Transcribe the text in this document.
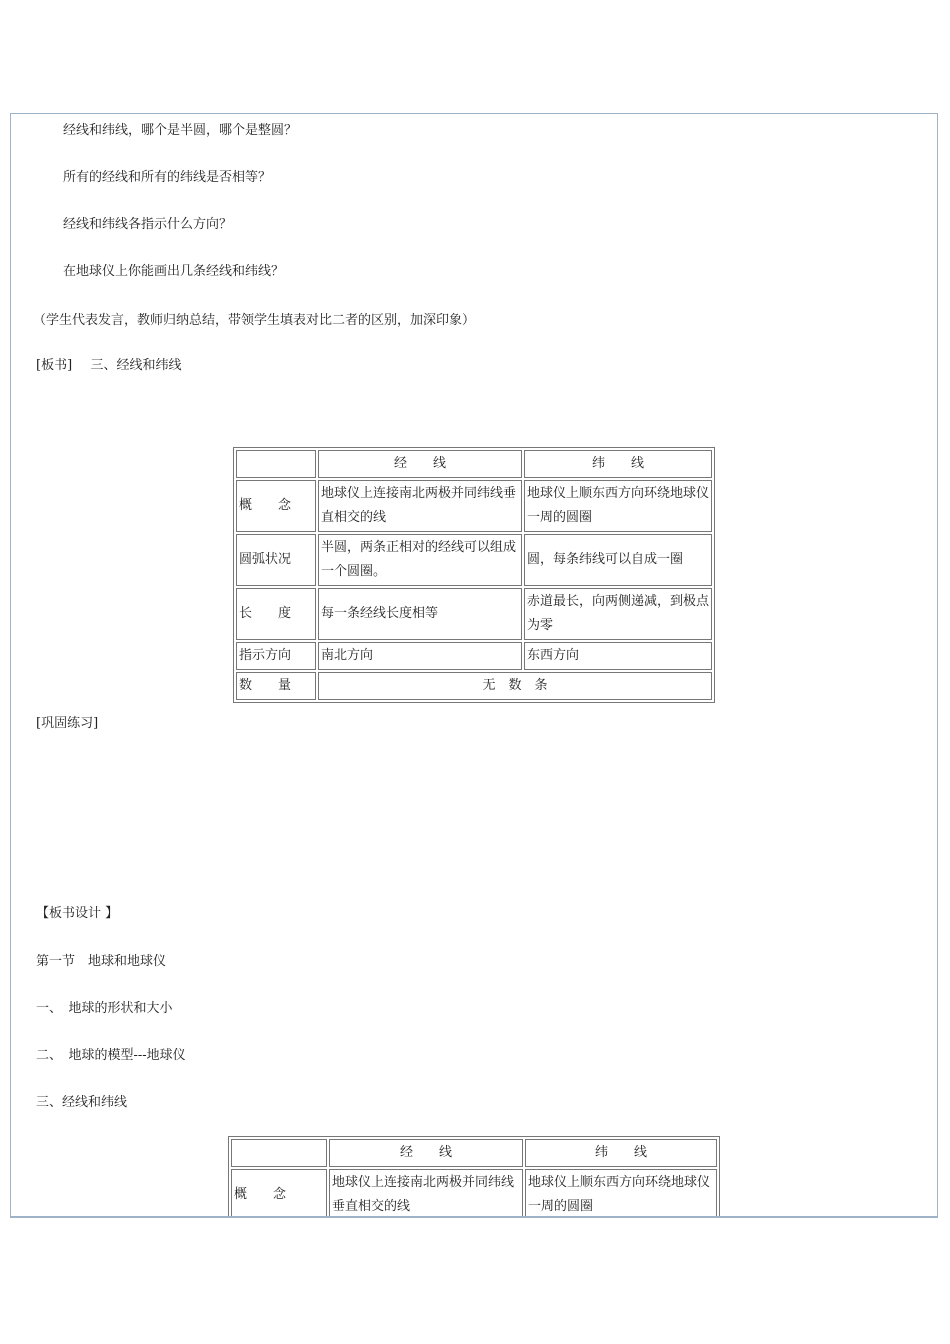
经线和纬线，哪个是半圆，哪个是整圆？
所有的经线和所有的纬线是否相等？
经线和纬线各指示什么方向？
在地球仪上你能画出几条经线和纬线？
（学生代表发言，教师归纳总结，带领学生填表对比二者的区别，加深印象）
[板书] 三、经线和纬线
	经　　线	纬　　线
概　　念	地球仪上连接南北两极并同纬线垂直相交的线	地球仪上顺东西方向环绕地球仪一周的圆圈
圆弧状况	半圆，两条正相对的经线可以组成一个圆圈。	圆，每条纬线可以自成一圈
长　　度	每一条经线长度相等	赤道最长，向两侧递减，到极点为零
指示方向	南北方向	东西方向
数　　量	无　数　条	
[巩固练习]
【板书设计 】
第一节　地球和地球仪
一、　地球的形状和大小
二、　地球的模型---地球仪
三、经线和纬线
	经　　线	纬　　线
概　　念	地球仪上连接南北两极并同纬线垂直相交的线	地球仪上顺东西方向环绕地球仪一周的圆圈
